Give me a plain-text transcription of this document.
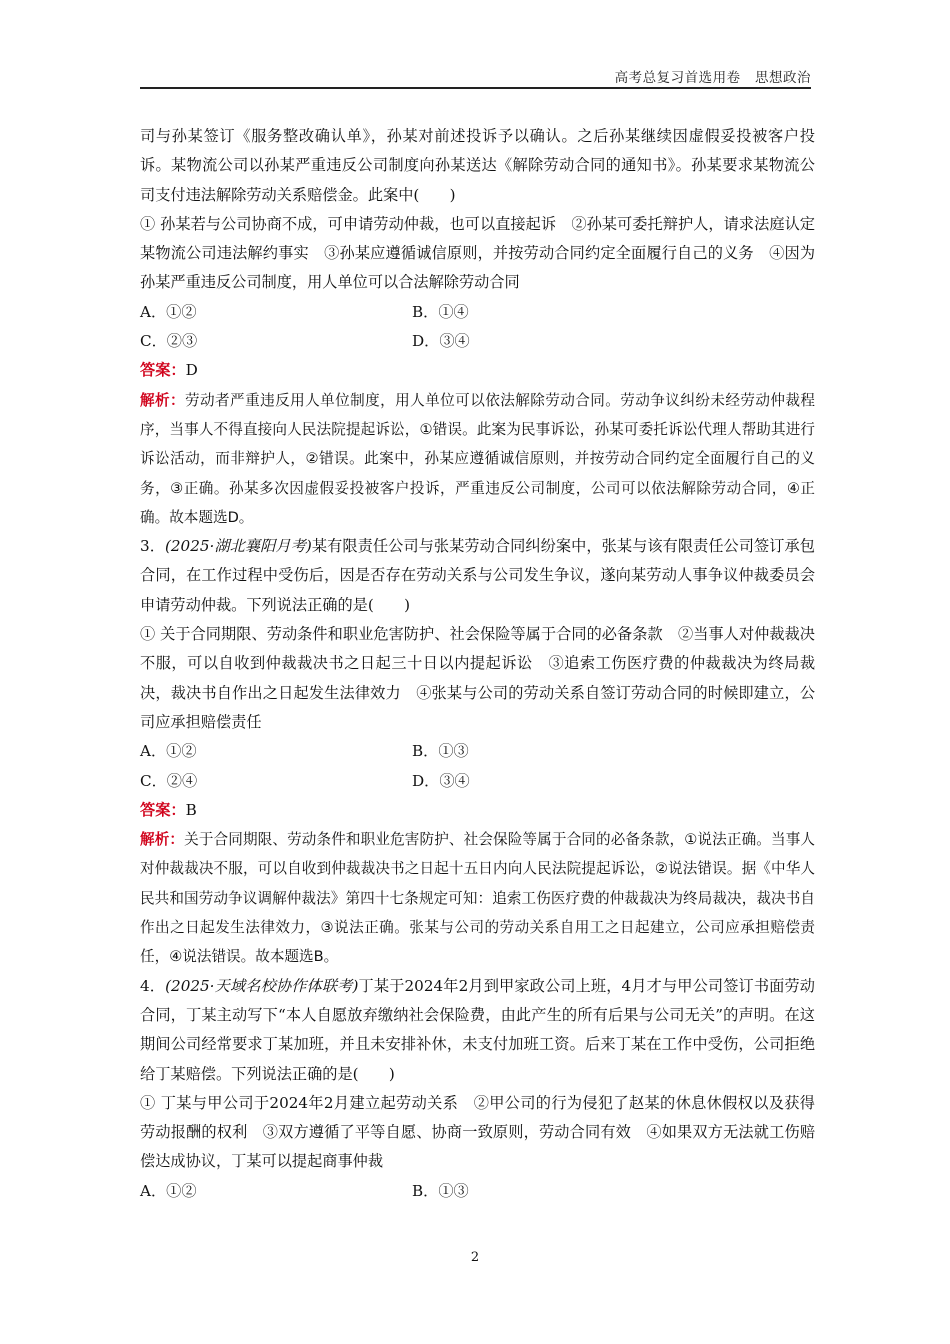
高考总复习首选用卷 思想政治

司与孙某签订《服务整改确认单》，孙某对前述投诉予以确认。之后孙某继续因虚假妥投被客户投诉。某物流公司以孙某严重违反公司制度向孙某送达《解除劳动合同的通知书》。孙某要求某物流公司支付违法解除劳动关系赔偿金。此案中(　　)

① 孙某若与公司协商不成，可申请劳动仲裁，也可以直接起诉　②孙某可委托辩护人，请求法庭认定某物流公司违法解约事实　③孙某应遵循诚信原则，并按劳动合同约定全面履行自己的义务　④因为孙某严重违反公司制度，用人单位可以合法解除劳动合同

A．①②	B．①④
C．②③	D．③④

答案：D

解析：劳动者严重违反用人单位制度，用人单位可以依法解除劳动合同。劳动争议纠纷未经劳动仲裁程序，当事人不得直接向人民法院提起诉讼，①错误。此案为民事诉讼，孙某可委托诉讼代理人帮助其进行诉讼活动，而非辩护人，②错误。此案中，孙某应遵循诚信原则，并按劳动合同约定全面履行自己的义务，③正确。孙某多次因虚假妥投被客户投诉，严重违反公司制度，公司可以依法解除劳动合同，④正确。故本题选D。

3．(2025·湖北襄阳月考)某有限责任公司与张某劳动合同纠纷案中，张某与该有限责任公司签订承包合同，在工作过程中受伤后，因是否存在劳动关系与公司发生争议，遂向某劳动人事争议仲裁委员会申请劳动仲裁。下列说法正确的是(　　)

① 关于合同期限、劳动条件和职业危害防护、社会保险等属于合同的必备条款　②当事人对仲裁裁决不服，可以自收到仲裁裁决书之日起三十日以内提起诉讼　③追索工伤医疗费的仲裁裁决为终局裁决，裁决书自作出之日起发生法律效力　④张某与公司的劳动关系自签订劳动合同的时候即建立，公司应承担赔偿责任

A．①②	B．①③
C．②④	D．③④

答案：B

解析：关于合同期限、劳动条件和职业危害防护、社会保险等属于合同的必备条款，①说法正确。当事人对仲裁裁决不服，可以自收到仲裁裁决书之日起十五日内向人民法院提起诉讼，②说法错误。据《中华人民共和国劳动争议调解仲裁法》第四十七条规定可知：追索工伤医疗费的仲裁裁决为终局裁决，裁决书自作出之日起发生法律效力，③说法正确。张某与公司的劳动关系自用工之日起建立，公司应承担赔偿责任，④说法错误。故本题选B。

4．(2025·天域名校协作体联考)丁某于2024年2月到甲家政公司上班，4月才与甲公司签订书面劳动合同，丁某主动写下“本人自愿放弃缴纳社会保险费，由此产生的所有后果与公司无关”的声明。在这期间公司经常要求丁某加班，并且未安排补休，未支付加班工资。后来丁某在工作中受伤，公司拒绝给丁某赔偿。下列说法正确的是(　　)

① 丁某与甲公司于2024年2月建立起劳动关系　②甲公司的行为侵犯了赵某的休息休假权以及获得劳动报酬的权利　③双方遵循了平等自愿、协商一致原则，劳动合同有效　④如果双方无法就工伤赔偿达成协议，丁某可以提起商事仲裁

A．①②	B．①③
2
